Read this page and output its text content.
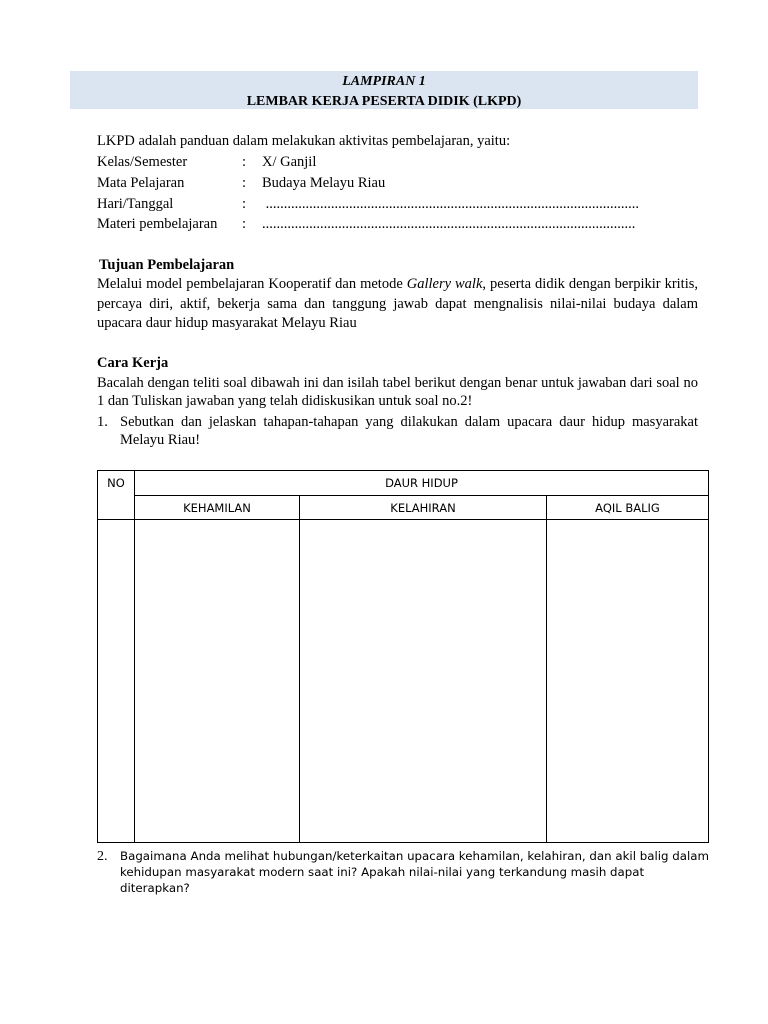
LAMPIRAN 1
LEMBAR KERJA PESERTA DIDIK (LKPD)
LKPD adalah panduan dalam melakukan aktivitas pembelajaran, yaitu:
Kelas/Semester	: X/ Ganjil
Mata Pelajaran	: Budaya Melayu Riau
Hari/Tanggal	: .......................................................................................................
Materi pembelajaran : .......................................................................................................
Tujuan Pembelajaran
Melalui model pembelajaran Kooperatif dan metode Gallery walk, peserta didik dengan berpikir kritis, percaya diri, aktif, bekerja sama dan tanggung jawab dapat mengnalisis nilai-nilai budaya dalam upacara daur hidup masyarakat Melayu Riau
Cara Kerja
Bacalah dengan teliti soal dibawah ini dan isilah tabel berikut dengan benar untuk jawaban dari soal no 1 dan Tuliskan jawaban yang telah didiskusikan untuk soal no.2!
1. Sebutkan dan jelaskan tahapan-tahapan yang dilakukan dalam upacara daur hidup masyarakat Melayu Riau!
NO	DAUR HIDUP		
	KEHAMILAN	KELAHIRAN	AQIL BALIG

2. Bagaimana Anda melihat hubungan/keterkaitan upacara kehamilan, kelahiran, dan akil balig dalam kehidupan masyarakat modern saat ini? Apakah nilai-nilai yang terkandung masih dapat diterapkan?
